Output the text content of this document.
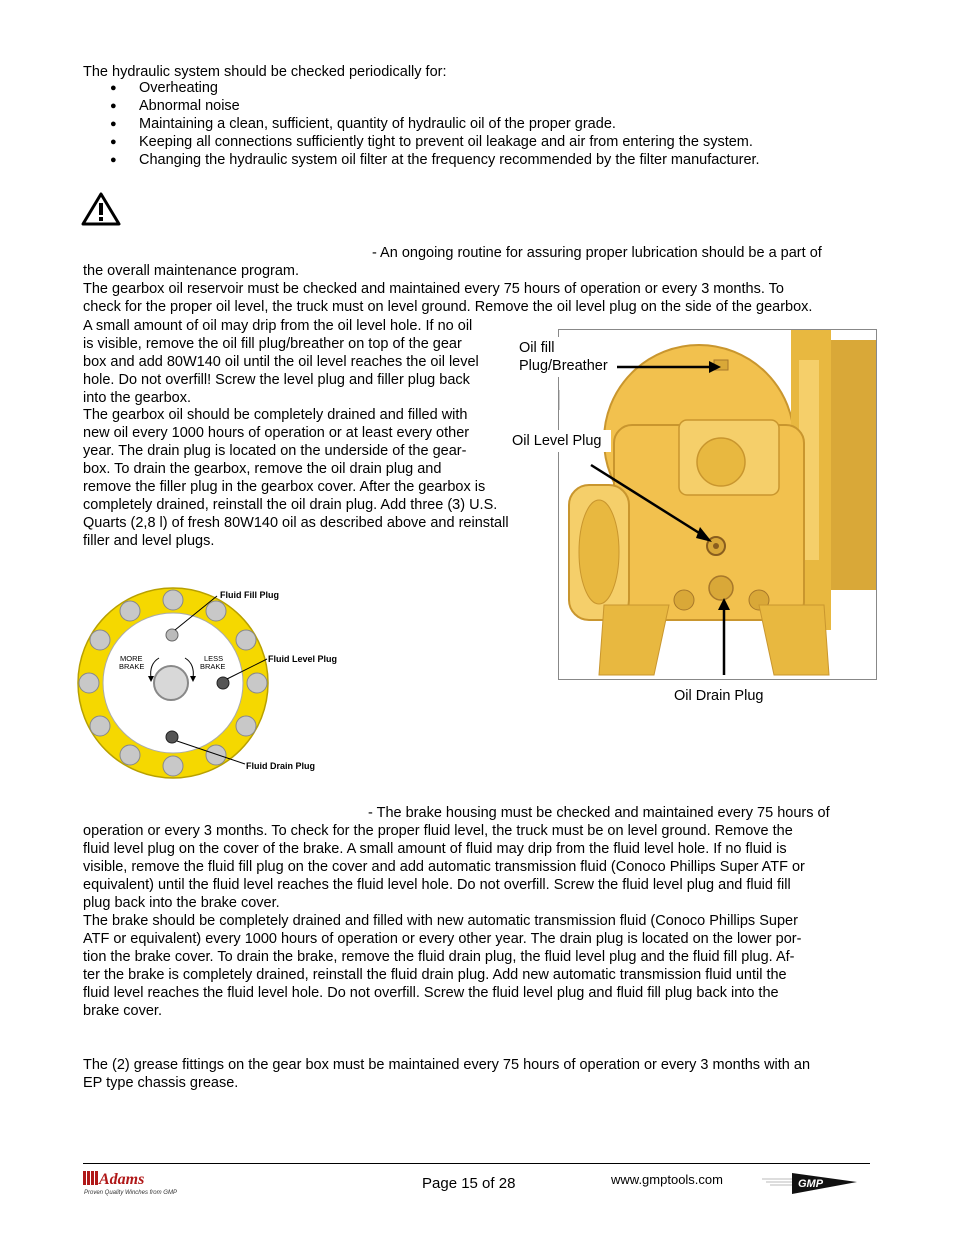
The hydraulic system should be checked periodically for:
● Overheating
● Abnormal noise
● Maintaining a clean, sufficient, quantity of hydraulic oil of the proper grade.
● Keeping all connections sufficiently tight to prevent oil leakage and air from entering the system.
● Changing the hydraulic system oil filter at the frequency recommended by the filter manufacturer.
- An ongoing routine for assuring proper lubrication should be a part of
the overall maintenance program.
The gearbox oil reservoir must be checked and maintained every 75 hours of operation or every 3 months. To
check for the proper oil level, the truck must on level ground. Remove the oil level plug on the side of the gearbox.
A small amount of oil may drip from the oil level hole. If no oil
is visible, remove the oil fill plug/breather on top of the gear
box and add 80W140 oil until the oil level reaches the oil level
hole. Do not overfill! Screw the level plug and filler plug back
into the gearbox.
The gearbox oil should be completely drained and filled with
new oil every 1000 hours of operation or at least every other
year. The drain plug is located on the underside of the gear-
box. To drain the gearbox, remove the oil drain plug and
remove the filler plug in the gearbox cover. After the gearbox is
completely drained, reinstall the oil drain plug. Add three (3) U.S.
Quarts (2,8 l) of fresh 80W140 oil as described above and reinstall
filler and level plugs.
Oil fill
Plug/Breather
Oil Level Plug
Oil Drain Plug
Fluid Fill Plug
Fluid Level Plug
Fluid Drain Plug
MORE
BRAKE
LESS
BRAKE
- The brake housing must be checked and maintained every 75 hours of
operation or every 3 months. To check for the proper fluid level, the truck must be on level ground. Remove the
fluid level plug on the cover of the brake. A small amount of fluid may drip from the fluid level hole. If no fluid is
visible, remove the fluid fill plug on the cover and add automatic transmission fluid (Conoco Phillips Super ATF or
equivalent) until the fluid level reaches the fluid level hole. Do not overfill. Screw the fluid level plug and fluid fill
plug back into the brake cover.
The brake should be completely drained and filled with new automatic transmission fluid (Conoco Phillips Super
ATF or equivalent) every 1000 hours of operation or every other year. The drain plug is located on the lower por-
tion the brake cover. To drain the brake, remove the fluid drain plug, the fluid level plug and the fluid fill plug. Af-
ter the brake is completely drained, reinstall the fluid drain plug. Add new automatic transmission fluid until the
fluid level reaches the fluid level hole. Do not overfill. Screw the fluid level plug and fluid fill plug back into the
brake cover.
The (2) grease fittings on the gear box must be maintained every 75 hours of operation or every 3 months with an
EP type chassis grease.
Adams
Proven Quality Winches from GMP
Page 15 of 28	www.gmptools.com	GMP
